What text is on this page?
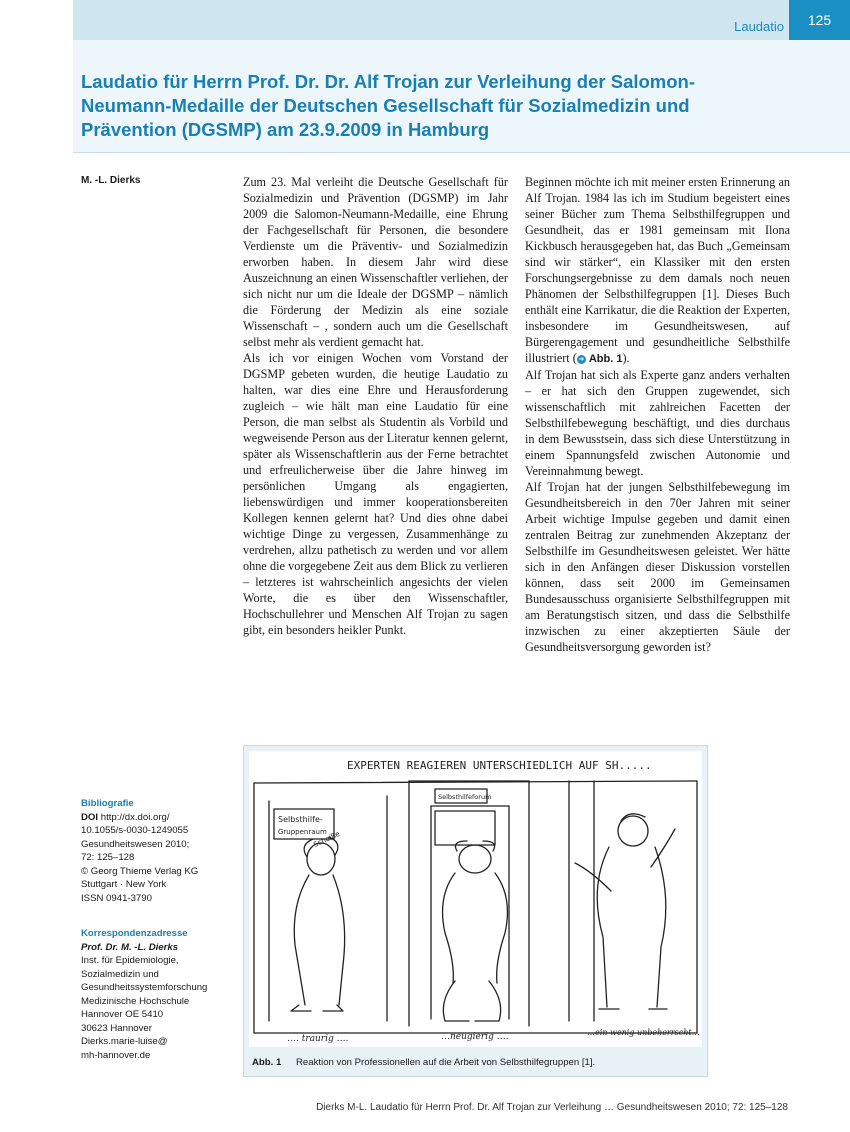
Laudatio	125
Laudatio für Herrn Prof. Dr. Dr. Alf Trojan zur Verleihung der Salomon-Neumann-Medaille der Deutschen Gesellschaft für Sozialmedizin und Prävention (DGSMP) am 23.9.2009 in Hamburg
M. -L. Dierks	Zum 23. Mal verleiht die Deutsche Gesellschaft für Sozialmedizin und Prävention (DGSMP) im Jahr 2009 die Salomon-Neumann-Medaille, eine Ehrung der Fachgesellschaft für Personen, die besondere Verdienste um die Präventiv- und Sozialmedizin erworben haben. In diesem Jahr wird diese Auszeichnung an einen Wissenschaftler verliehen, der sich nicht nur um die Ideale der DGSMP – nämlich die Förderung der Medizin als eine soziale Wissenschaft – , sondern auch um die Gesellschaft selbst mehr als verdient gemacht hat.

Als ich vor einigen Wochen vom Vorstand der DGSMP gebeten wurden, die heutige Laudatio zu halten, war dies eine Ehre und Herausforderung zugleich – wie hält man eine Laudatio für eine Person, die man selbst als Studentin als Vorbild und wegweisende Person aus der Literatur kennen gelernt, später als Wissenschaftlerin aus der Ferne betrachtet und erfreulicherweise über die Jahre hinweg im persönlichen Umgang als engagierten, liebenswürdigen und immer kooperationsbereiten Kollegen kennen gelernt hat? Und dies ohne dabei wichtige Dinge zu vergessen, Zusammenhänge zu verdrehen, allzu pathetisch zu werden und vor allem ohne die vorgegebene Zeit aus dem Blick zu verlieren – letzteres ist wahrscheinlich angesichts der vielen Worte, die es über den Wissenschaftler, Hochschullehrer und Menschen Alf Trojan zu sagen gibt, ein besonders heikler Punkt.

Beginnen möchte ich mit meiner ersten Erinnerung an Alf Trojan. 1984 las ich im Studium begeistert eines seiner Bücher zum Thema Selbsthilfegruppen und Gesundheit, das er 1981 gemeinsam mit Ilona Kickbusch herausgegeben hat, das Buch „Gemeinsam sind wir stärker“, ein Klassiker mit den ersten Forschungsergebnisse zu dem damals noch neuen Phänomen der Selbsthilfegruppen [1]. Dieses Buch enthält eine Karrikatur, die die Reaktion der Experten, insbesondere im Gesundheitswesen, auf Bürgerengagement und gesundheitliche Selbsthilfe illustriert ( ➜ Abb. 1).

Alf Trojan hat sich als Experte ganz anders verhalten – er hat sich den Gruppen zugewendet, sich wissenschaftlich mit zahlreichen Facetten der Selbsthilfebewegung beschäftigt, und dies durchaus in dem Bewusstsein, dass sich diese Unterstützung in einem Spannungsfeld zwischen Autonomie und Vereinnahmung bewegt.

Alf Trojan hat der jungen Selbsthilfebewegung im Gesundheitsbereich in den 70er Jahren mit seiner Arbeit wichtige Impulse gegeben und damit einen zentralen Beitrag zur zunehmenden Akzeptanz der Selbsthilfe im Gesundheitswesen geleistet. Wer hätte sich in den Anfängen dieser Diskussion vorstellen können, dass seit 2000 im Gemeinsamen Bundesausschuss organisierte Selbsthilfegruppen mit am Beratungstisch sitzen, und dass die Selbsthilfe inzwischen zu einer akzeptierten Säule der Gesundheitsversorgung geworden ist?

Bibliografie
DOI http://dx.doi.org/
10.1055/s-0030-1249055
Gesundheitswesen 2010;
72: 125–128
© Georg Thieme Verlag KG
Stuttgart · New York
ISSN 0941-3790
Korrespondenzadresse
Prof. Dr. M. -L. Dierks
Inst. für Epidemiologie,
Sozialmedizin und
Gesundheitssystemforschung
Medizinische Hochschule
Hannover OE 5410
30623 Hannover
Dierks.marie-luise@
mh-hannover.de
EXPERTEN REAGIEREN UNTERSCHIEDLICH AUF SH.....
Selbsthilfe-
Gruppenraum
Selbsthilfeforum
Scheiße
…. traurig ….	…neugierig ….	…ein wenig unbeherrscht…
Abb. 1 Reaktion von Professionellen auf die Arbeit von Selbsthilfegruppen [1].
Dierks M-L. Laudatio für Herrn Prof. Dr. Alf Trojan zur Verleihung … Gesundheitswesen 2010; 72: 125–128
